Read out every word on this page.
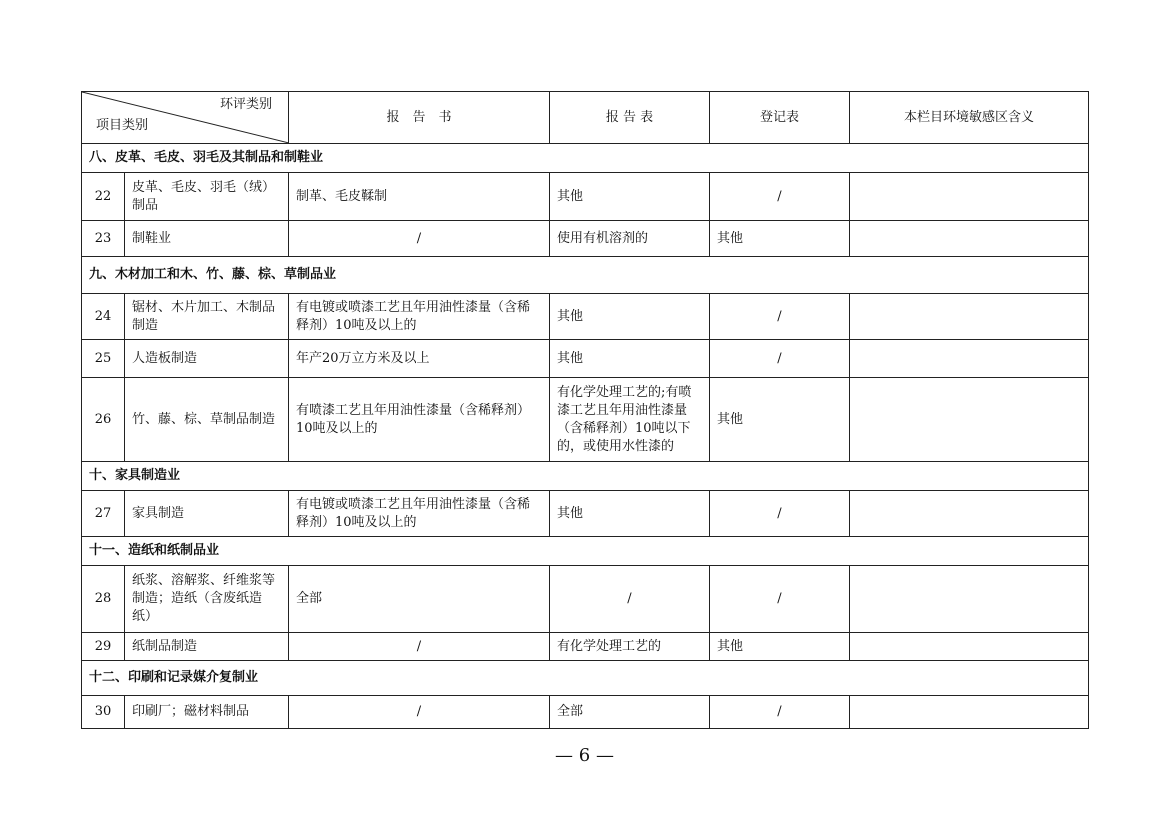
环评类别
项目类别		报　告　书	报 告 表	登记表	本栏目环境敏感区含义
八、皮革、毛皮、羽毛及其制品和制鞋业					
22	皮革、毛皮、羽毛（绒）制品	制革、毛皮鞣制	其他	/	
23	制鞋业	/	使用有机溶剂的	其他	
九、木材加工和木、竹、藤、棕、草制品业					
24	锯材、木片加工、木制品制造	有电镀或喷漆工艺且年用油性漆量（含稀释剂）10吨及以上的	其他	/	
25	人造板制造	年产20万立方米及以上	其他	/	
26	竹、藤、棕、草制品制造	有喷漆工艺且年用油性漆量（含稀释剂）10吨及以上的	有化学处理工艺的;有喷漆工艺且年用油性漆量（含稀释剂）10吨以下的，或使用水性漆的	其他	
十、家具制造业					
27	家具制造	有电镀或喷漆工艺且年用油性漆量（含稀释剂）10吨及以上的	其他	/	
十一、造纸和纸制品业					
28	纸浆、溶解浆、纤维浆等制造；造纸（含废纸造纸）	全部	/	/	
29	纸制品制造	/	有化学处理工艺的	其他	
十二、印刷和记录媒介复制业					
30	印刷厂；磁材料制品	/	全部	/	
— 6 —
